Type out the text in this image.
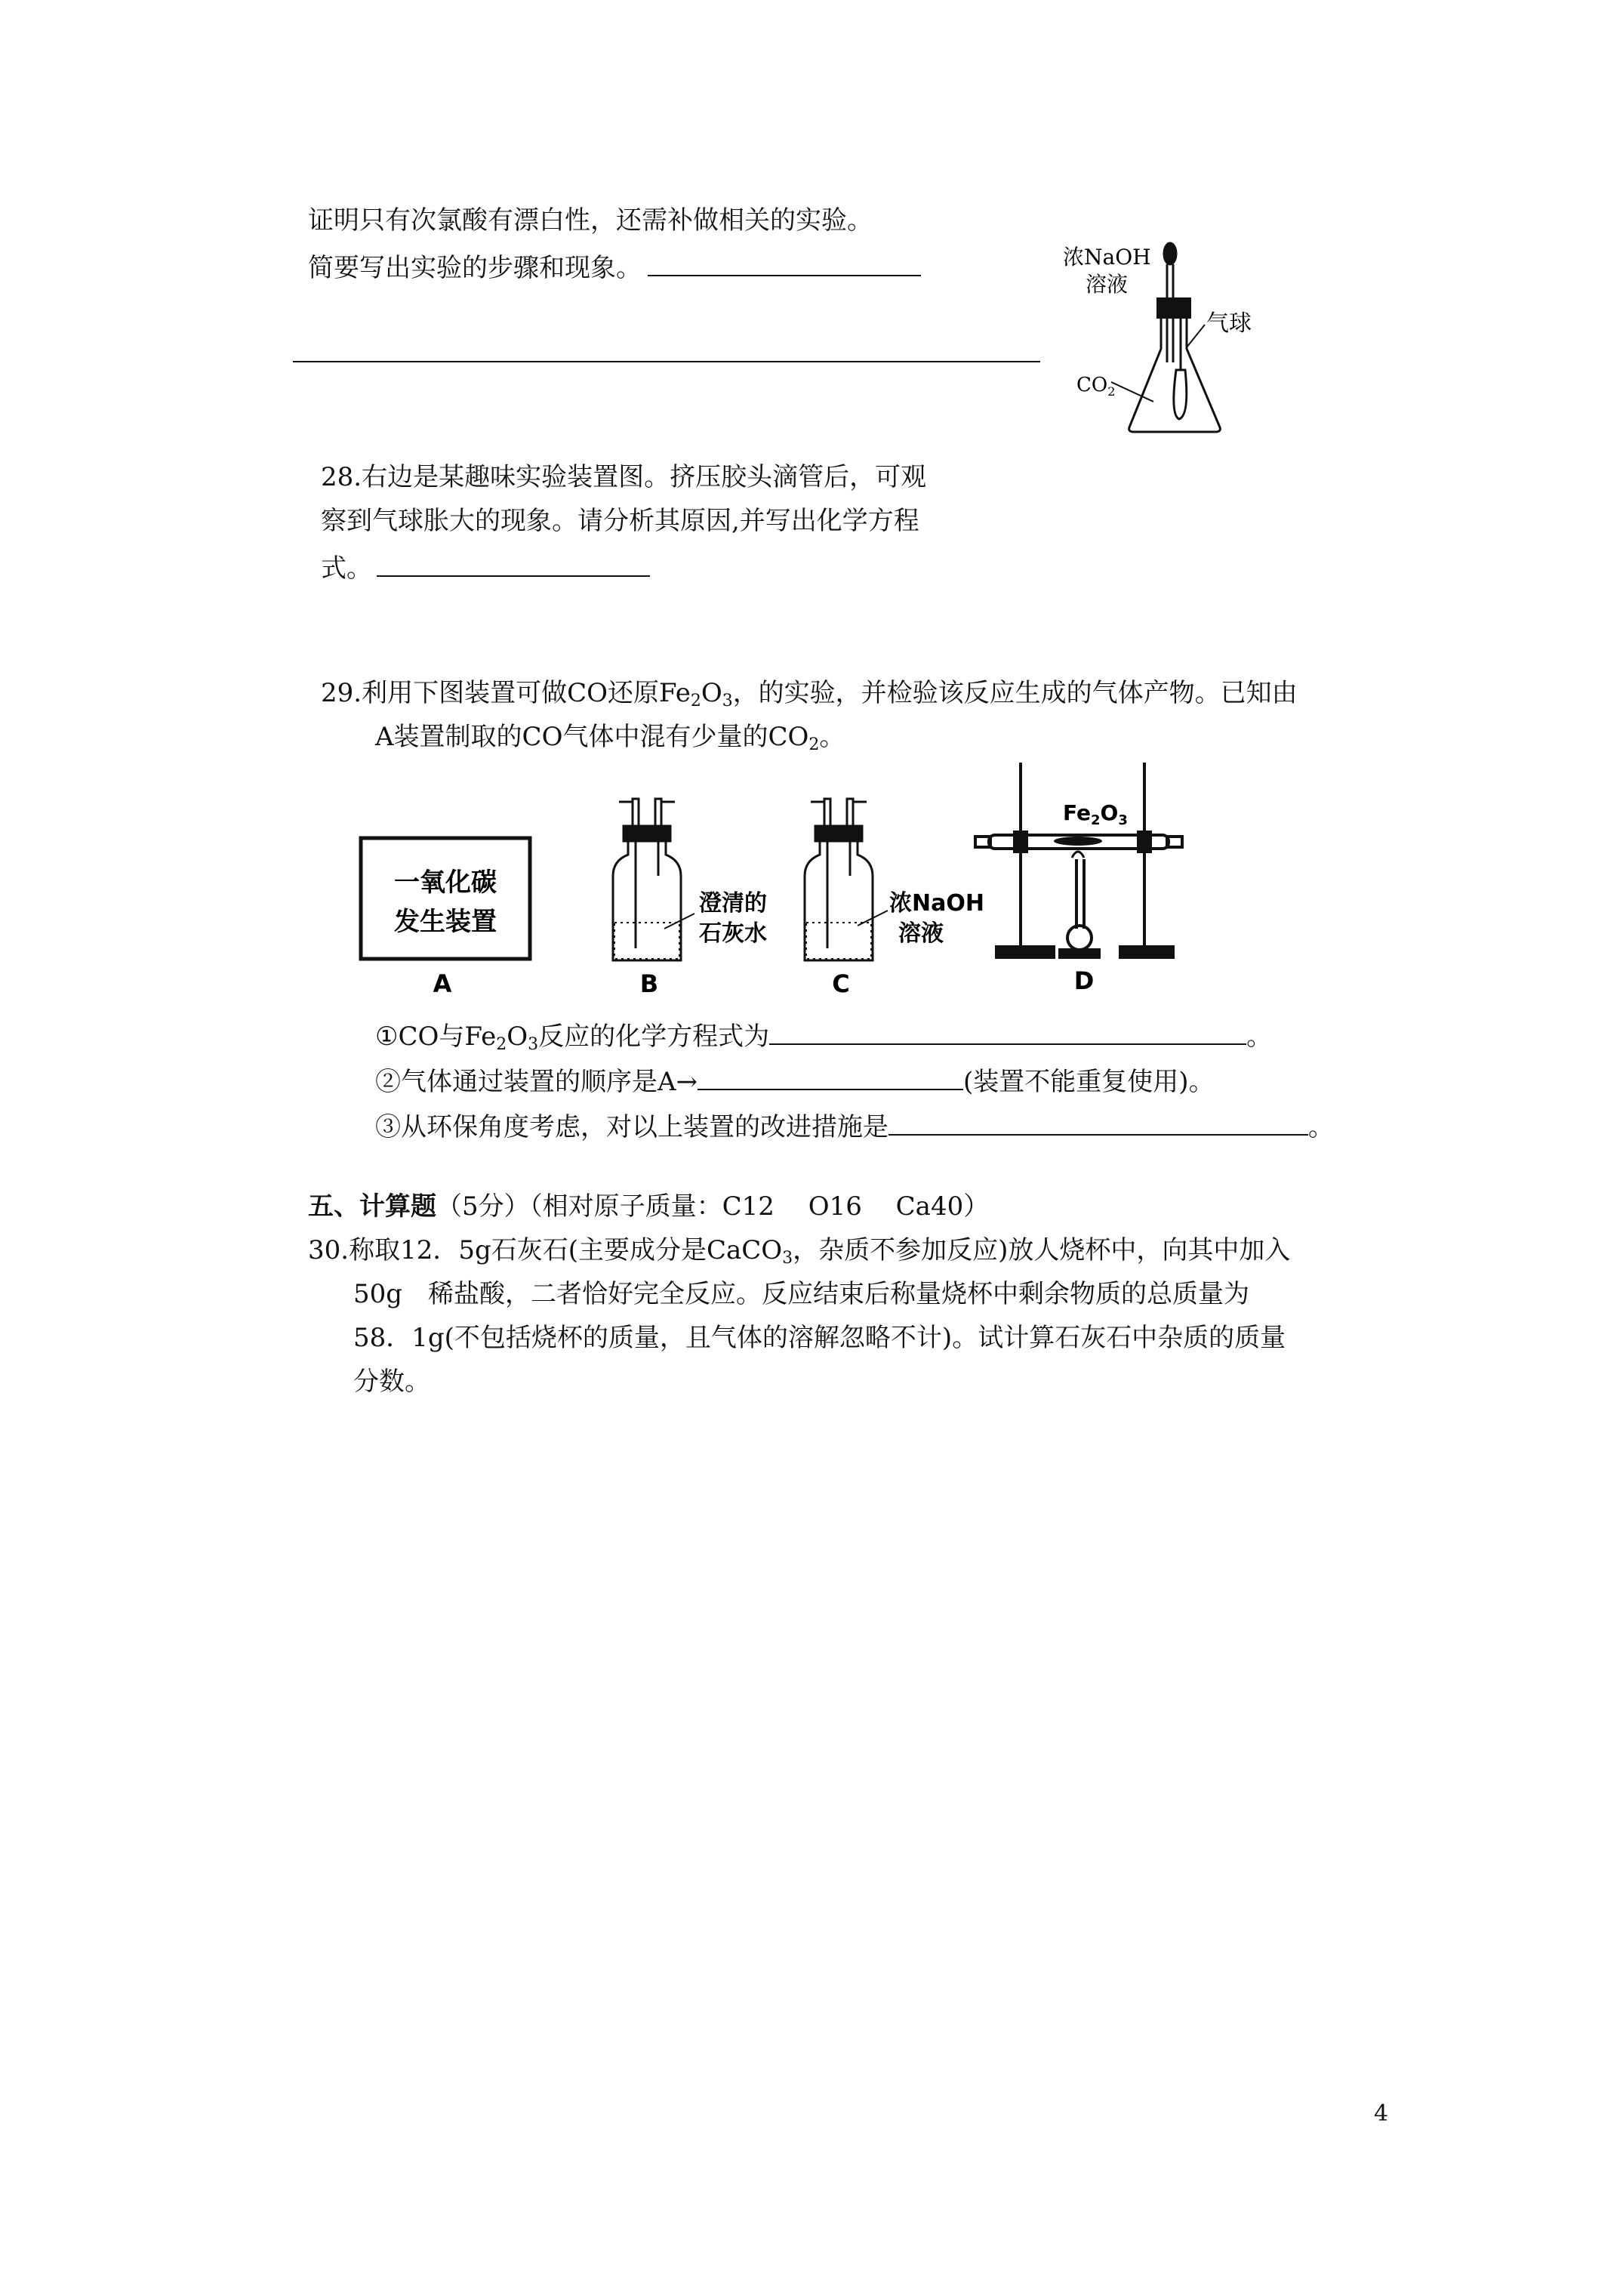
证明只有次氯酸有漂白性，还需补做相关的实验。
简要写出实验的步骤和现象。	浓NaOH
溶液
气球
$CO_2$
28.右边是某趣味实验装置图。挤压胶头滴管后，可观
察到气球胀大的现象。请分析其原因,并写出化学方程
式。
29.利用下图装置可做CO还原$Fe_2O_3$，的实验，并检验该反应生成的气体产物。已知由
A装置制取的CO气体中混有少量的$CO_2$。
一氧化碳
发生装置
A
澄清的
石灰水
B
浓NaOH
溶液
C
$Fe_2O_3$
D
①CO与$Fe_2O_3$反应的化学方程式为	。
②气体通过装置的顺序是A→	(装置不能重复使用)。
③从环保角度考虑，对以上装置的改进措施是	。
五、计算题（5分）（相对原子质量：C12　 O16　 Ca40）
30.称取12．5g石灰石(主要成分是CaCO$_3$，杂质不参加反应)放人烧杯中，向其中加入
50g　稀盐酸，二者恰好完全反应。反应结束后称量烧杯中剩余物质的总质量为
58．1g(不包括烧杯的质量，且气体的溶解忽略不计)。试计算石灰石中杂质的质量
分数。
4
